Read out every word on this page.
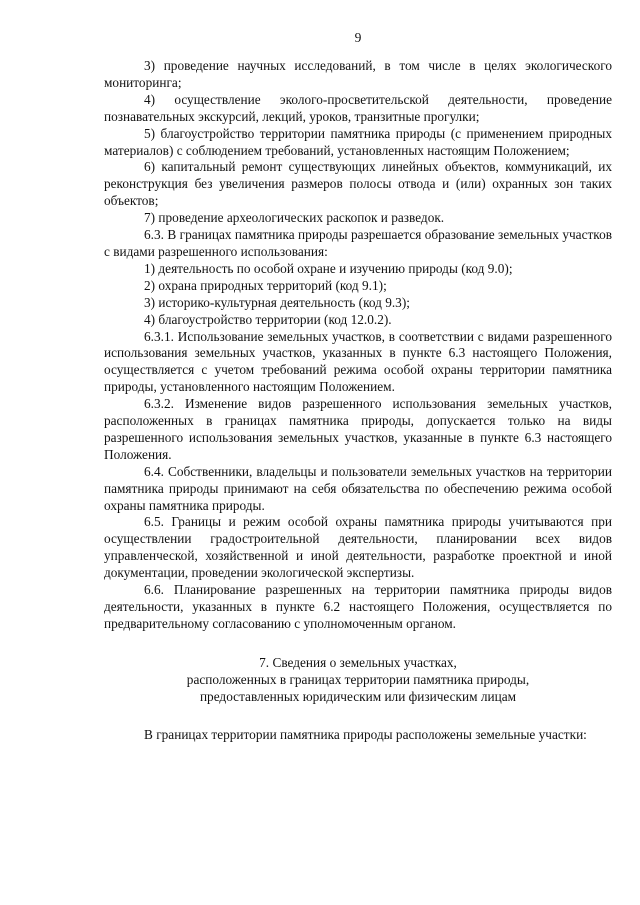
9

3) проведение научных исследований, в том числе в целях экологического мониторинга;

4) осуществление эколого-просветительской деятельности, проведение познавательных экскурсий, лекций, уроков, транзитные прогулки;

5) благоустройство территории памятника природы (с применением природных материалов) с соблюдением требований, установленных настоящим Положением;

6) капитальный ремонт существующих линейных объектов, коммуникаций, их реконструкция без увеличения размеров полосы отвода и (или) охранных зон таких объектов;

7) проведение археологических раскопок и разведок.

6.3. В границах памятника природы разрешается образование земельных участков с видами разрешенного использования:

1) деятельность по особой охране и изучению природы (код 9.0);

2) охрана природных территорий (код 9.1);

3) историко-культурная деятельность (код 9.3);

4) благоустройство территории (код 12.0.2).

6.3.1. Использование земельных участков, в соответствии с видами разрешенного использования земельных участков, указанных в пункте 6.3 настоящего Положения, осуществляется с учетом требований режима особой охраны территории памятника природы, установленного настоящим Положением.

6.3.2. Изменение видов разрешенного использования земельных участков, расположенных в границах памятника природы, допускается только на виды разрешенного использования земельных участков, указанные в пункте 6.3 настоящего Положения.

6.4. Собственники, владельцы и пользователи земельных участков на территории памятника природы принимают на себя обязательства по обеспечению режима особой охраны памятника природы.

6.5. Границы и режим особой охраны памятника природы учитываются при осуществлении градостроительной деятельности, планировании всех видов управленческой, хозяйственной и иной деятельности, разработке проектной и иной документации, проведении экологической экспертизы.

6.6. Планирование разрешенных на территории памятника природы видов деятельности, указанных в пункте 6.2 настоящего Положения, осуществляется по предварительному согласованию с уполномоченным органом.

7. Сведения о земельных участках,
расположенных в границах территории памятника природы,
предоставленных юридическим или физическим лицам

В границах территории памятника природы расположены земельные участки:
